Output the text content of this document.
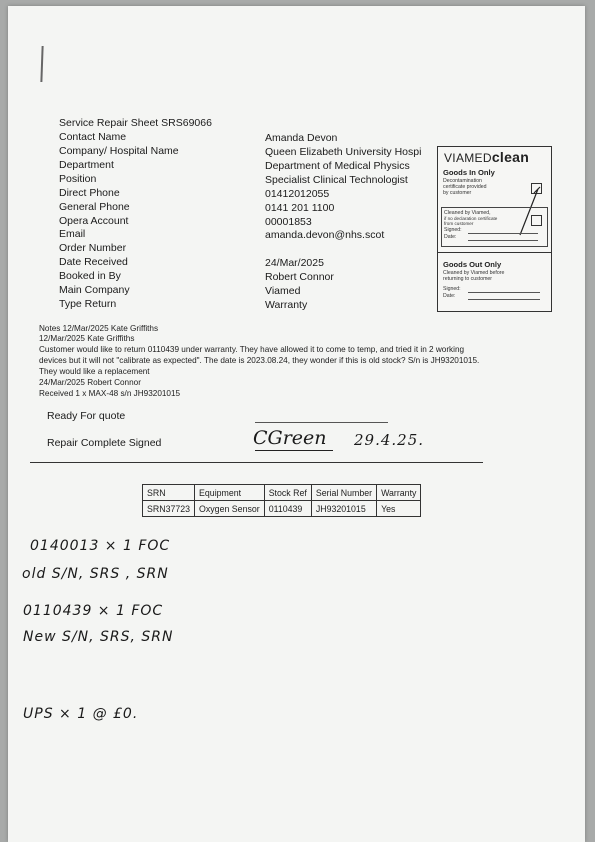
Service Repair Sheet SRS69066
Contact Name	Amanda Devon
Company/ Hospital Name	Queen Elizabeth University Hospi
Department	Department of Medical Physics
Position	Specialist Clinical Technologist
Direct Phone	01412012055
General Phone	0141 201 1100
Opera Account	00001853
Email	amanda.devon@nhs.scot
Order Number
Date Received	24/Mar/2025
Booked in By	Robert Connor
Main Company	Viamed
Type Return	Warranty
VIAMEDclean
Goods In Only
Decontamination
certificate provided
by customer
Cleaned by Viamed,
if no declaration certificate
from customer
Signed:
Date:
Goods Out Only
Cleaned by Viamed before
returning to customer
Signed:
Date:
Notes 12/Mar/2025 Kate Griffiths
12/Mar/2025 Kate Griffiths
Customer would like to return 0110439 under warranty. They have allowed it to come to temp, and tried it in 2 working
devices but it will not "calibrate as expected". The date is 2023.08.24, they wonder if this is old stock? S/n is JH93201015.
They would like a replacement
24/Mar/2025 Robert Connor
Received 1 x MAX-48 s/n JH93201015
Ready For quote
Repair Complete Signed	CGreen 29.4.25.
SRN	Equipment	Stock Ref	Serial Number	Warranty
SRN37723	Oxygen Sensor	0110439	JH93201015	Yes
0140013 × 1 FOC
old S/N, SRS , SRN
0110439 × 1 FOC
New S/N, SRS, SRN
UPS × 1 @ £0.
